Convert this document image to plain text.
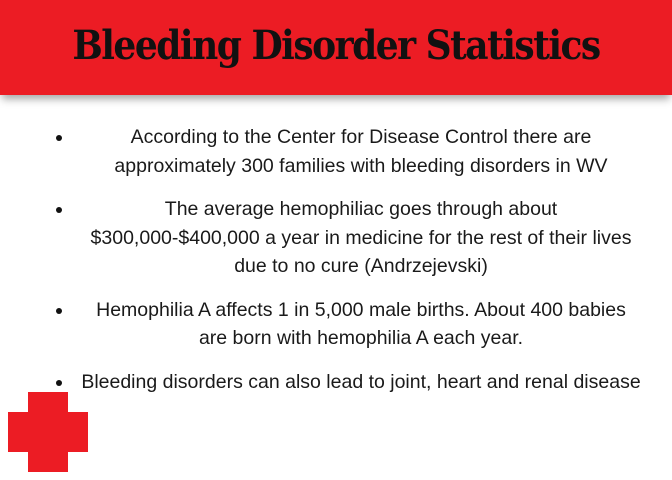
Bleeding Disorder Statistics
According to the Center for Disease Control there are approximately 300 families with bleeding disorders in WV
The average hemophiliac goes through about $300,000-$400,000 a year in medicine for the rest of their lives due to no cure (Andrzejevski)
Hemophilia A affects 1 in 5,000 male births. About 400 babies are born with hemophilia A each year.
Bleeding disorders can also lead to joint, heart and renal disease
